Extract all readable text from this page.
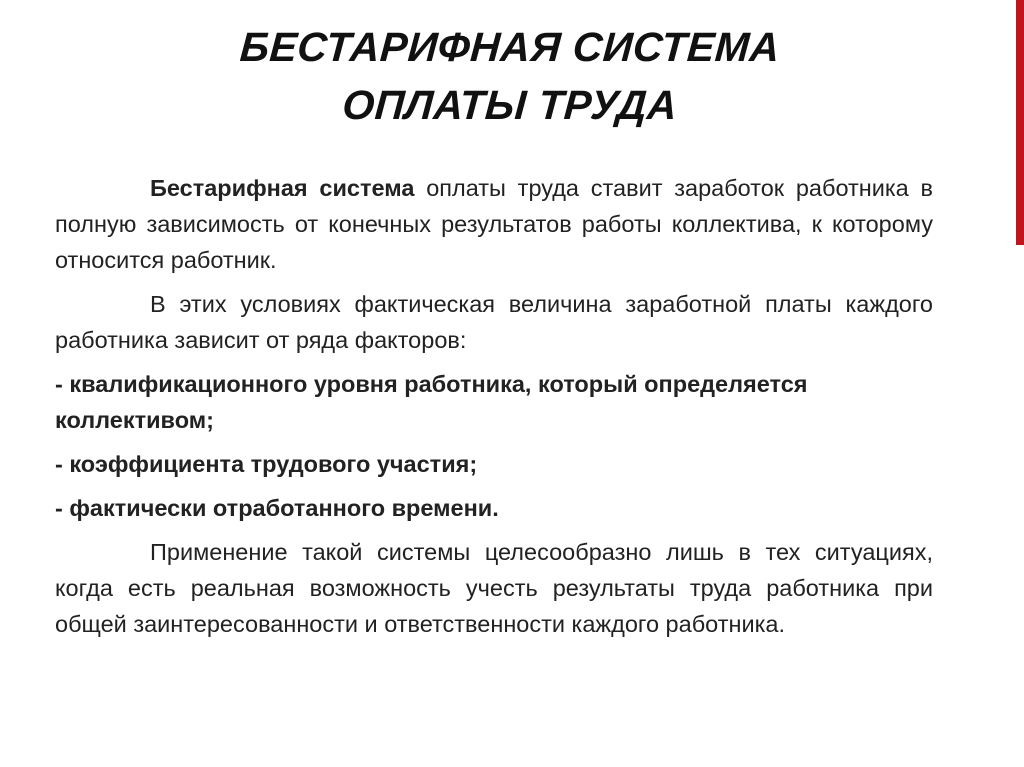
БЕСТАРИФНАЯ СИСТЕМА
ОПЛАТЫ ТРУДА

Бестарифная система оплаты труда ставит заработок работника в полную зависимость от конечных результатов работы коллектива, к которому относится работник.

В этих условиях фактическая величина заработной платы каждого работника зависит от ряда факторов:

- квалификационного уровня работника, который определяется коллективом;

- коэффициента трудового участия;

- фактически отработанного времени.

Применение такой системы целесообразно лишь в тех ситуациях, когда есть реальная возможность учесть результаты труда работника при общей заинтересованности и ответственности каждого работника.
